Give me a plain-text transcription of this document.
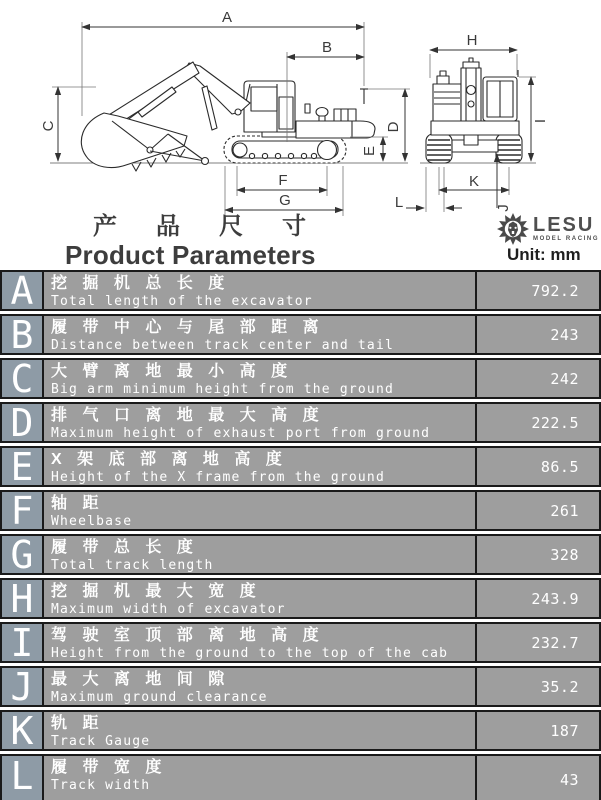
A
B
C	D
E
F
G
H
I
J
K
L
产品尺寸
Product Parameters
LESU
MODEL RACING
Unit: mm
A	挖 掘 机 总 长 度
Total length of the excavator
792.2
B	履 带 中 心 与 尾 部 距 离
Distance between track center and tail
243
C	大 臂 离 地 最 小 高 度
Big arm minimum height from the ground
242
D	排 气 口 离 地 最 大 高 度
Maximum height of exhaust port from ground
222.5
E	X 架 底 部 离 地 高 度
Height of the X frame from the ground
86.5
F	轴 距
Wheelbase
261
G	履 带 总 长 度
Total track length
328
H	挖 掘 机 最 大 宽 度
Maximum width of excavator
243.9
I	驾 驶 室 顶 部 离 地 高 度
Height from the ground to the top of the cab
232.7
J	最 大 离 地 间 隙
Maximum ground clearance
35.2
K	轨 距
Track Gauge
187
L	履 带 宽 度
Track width	43
